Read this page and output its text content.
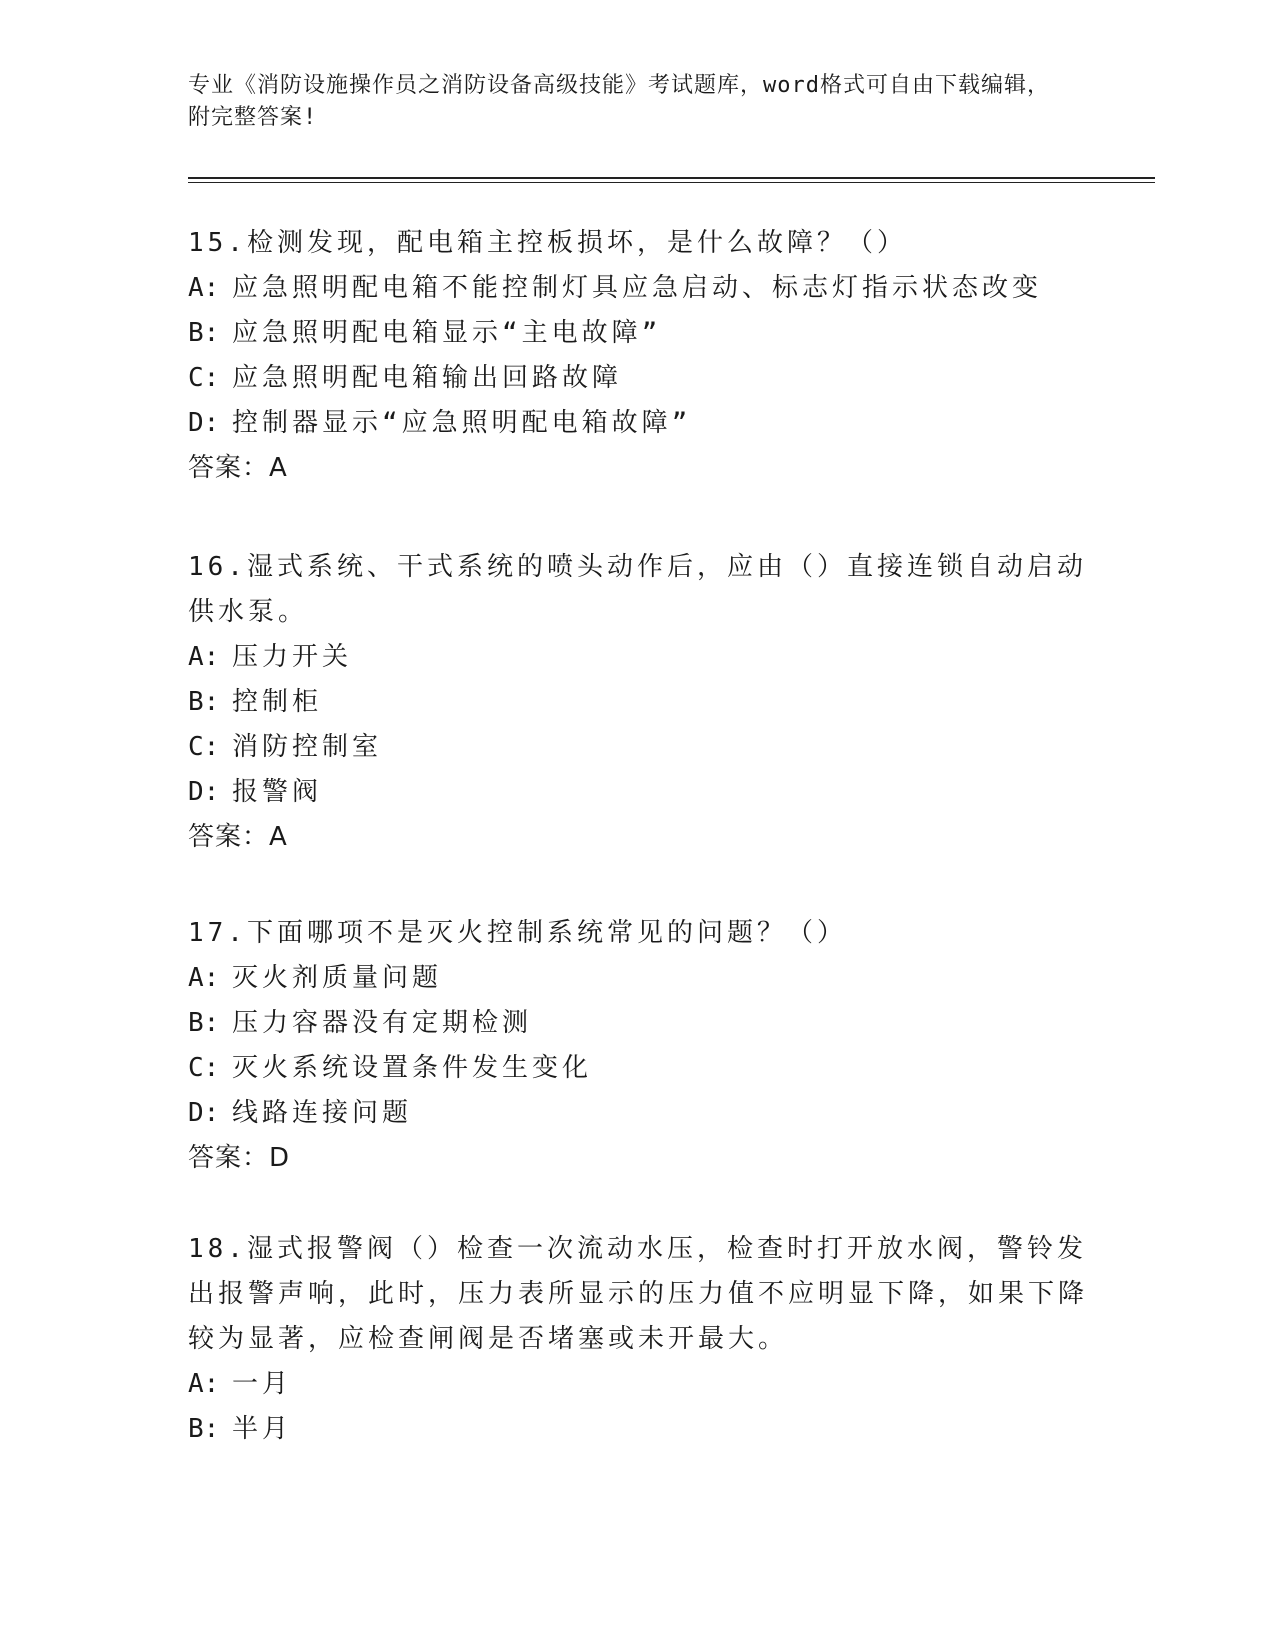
专业《消防设施操作员之消防设备高级技能》考试题库，word格式可自由下载编辑，附完整答案!

15.检测发现，配电箱主控板损坏，是什么故障？（）

A: 应急照明配电箱不能控制灯具应急启动、标志灯指示状态改变

B: 应急照明配电箱显示“主电故障”

C: 应急照明配电箱输出回路故障

D: 控制器显示“应急照明配电箱故障”

答案：A

16.湿式系统、干式系统的喷头动作后，应由（）直接连锁自动启动供水泵。

A: 压力开关

B: 控制柜

C: 消防控制室

D: 报警阀

答案：A

17.下面哪项不是灭火控制系统常见的问题？（）

A: 灭火剂质量问题

B: 压力容器没有定期检测

C: 灭火系统设置条件发生变化

D: 线路连接问题

答案：D

18.湿式报警阀（）检查一次流动水压，检查时打开放水阀，警铃发出报警声响，此时，压力表所显示的压力值不应明显下降，如果下降较为显著，应检查闸阀是否堵塞或未开最大。

A: 一月

B: 半月
